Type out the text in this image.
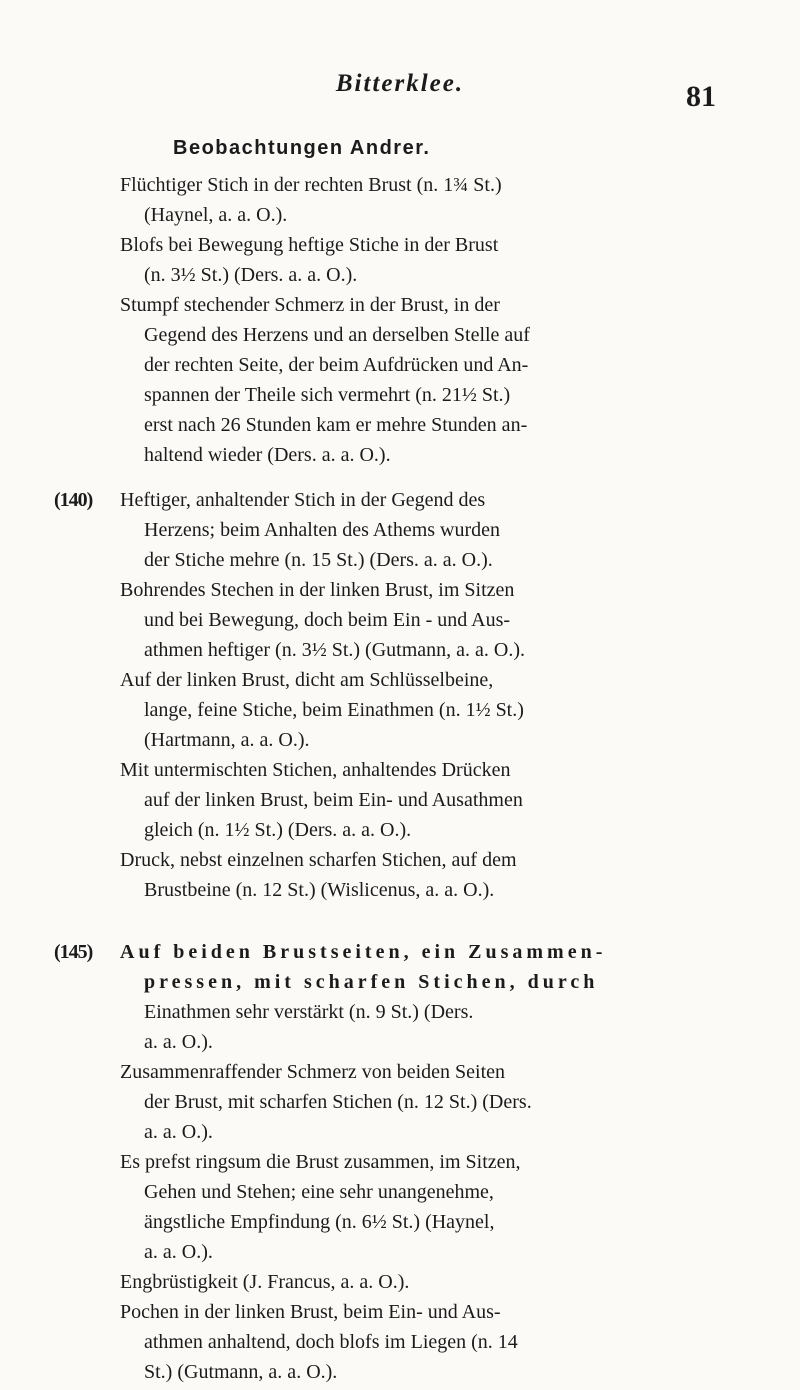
Bitterklee.	81
Beobachtungen Andrer.
Flüchtiger Stich in der rechten Brust (n. 1¾ St.)
(Haynel, a. a. O.).
Blofs bei Bewegung heftige Stiche in der Brust
(n. 3½ St.) (Ders. a. a. O.).
Stumpf stechender Schmerz in der Brust, in der
Gegend des Herzens und an derselben Stelle auf
der rechten Seite, der beim Aufdrücken und An-
spannen der Theile sich vermehrt (n. 21½ St.)
erst nach 26 Stunden kam er mehre Stunden an-
haltend wieder (Ders. a. a. O.).
(140) Heftiger, anhaltender Stich in der Gegend des
Herzens; beim Anhalten des Athems wurden
der Stiche mehre (n. 15 St.) (Ders. a. a. O.).
Bohrendes Stechen in der linken Brust, im Sitzen
und bei Bewegung, doch beim Ein - und Aus-
athmen heftiger (n. 3½ St.) (Gutmann, a. a. O.).
Auf der linken Brust, dicht am Schlüsselbeine,
lange, feine Stiche, beim Einathmen (n. 1½ St.)
(Hartmann, a. a. O.).
Mit untermischten Stichen, anhaltendes Drücken
auf der linken Brust, beim Ein- und Ausathmen
gleich (n. 1½ St.) (Ders. a. a. O.).
Druck, nebst einzelnen scharfen Stichen, auf dem
Brustbeine (n. 12 St.) (Wislicenus, a. a. O.).
(145) Auf beiden Brustseiten, ein Zusammen-
pressen, mit scharfen Stichen, durch
Einathmen sehr verstärkt (n. 9 St.) (Ders.
a. a. O.).
Zusammenraffender Schmerz von beiden Seiten
der Brust, mit scharfen Stichen (n. 12 St.) (Ders.
a. a. O.).
Es prefst ringsum die Brust zusammen, im Sitzen,
Gehen und Stehen; eine sehr unangenehme,
ängstliche Empfindung (n. 6½ St.) (Haynel,
a. a. O.).
Engbrüstigkeit (J. Francus, a. a. O.).
Pochen in der linken Brust, beim Ein- und Aus-
athmen anhaltend, doch blofs im Liegen (n. 14
St.) (Gutmann, a. a. O.).
